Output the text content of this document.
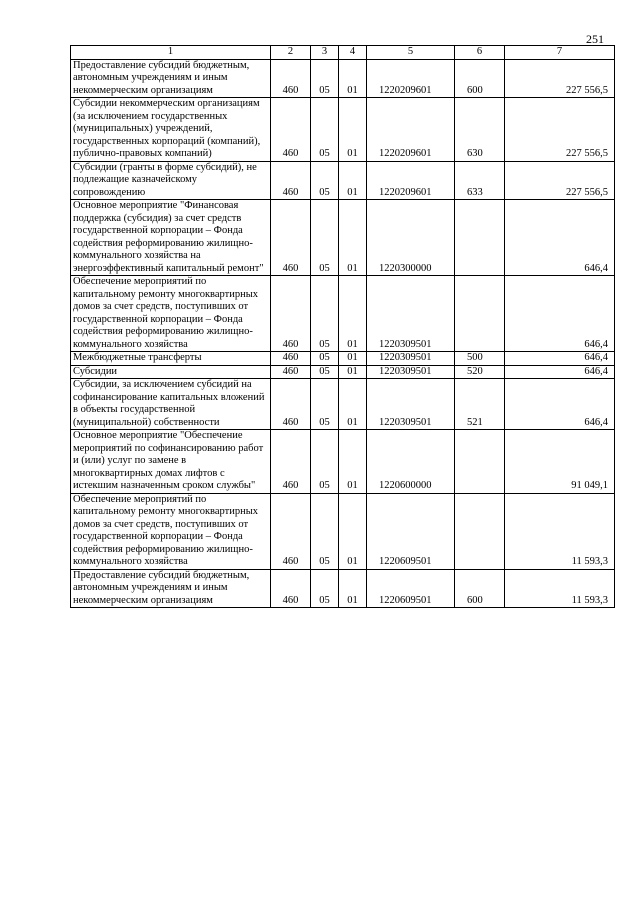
251
1	2	3	4	5	6	7
Предоставление субсидий бюджетным, автономным учреждениям и иным некоммерческим организациям	460	05	01	1220209601	600	227 556,5
Субсидии некоммерческим организациям (за исключением государственных (муниципальных) учреждений, государственных корпораций (компаний), публично-правовых компаний)	460	05	01	1220209601	630	227 556,5
Субсидии (гранты в форме субсидий), не подлежащие казначейскому сопровождению	460	05	01	1220209601	633	227 556,5
Основное мероприятие "Финансовая поддержка (субсидия) за счет средств государственной корпорации – Фонда содействия реформированию жилищно-коммунального хозяйства на энергоэффективный капитальный ремонт"	460	05	01	1220300000		646,4
Обеспечение мероприятий по капитальному ремонту многоквартирных домов за счет средств, поступивших от государственной корпорации – Фонда содействия реформированию жилищно-коммунального хозяйства	460	05	01	1220309501		646,4
Межбюджетные трансферты	460	05	01	1220309501	500	646,4
Субсидии	460	05	01	1220309501	520	646,4
Субсидии, за исключением субсидий на софинансирование капитальных вложений в объекты государственной (муниципальной) собственности	460	05	01	1220309501	521	646,4
Основное мероприятие "Обеспечение мероприятий по софинансированию работ и (или) услуг по замене в многоквартирных домах лифтов с истекшим назначенным сроком службы"	460	05	01	1220600000		91 049,1
Обеспечение мероприятий по капитальному ремонту многоквартирных домов за счет средств, поступивших от государственной корпорации – Фонда содействия реформированию жилищно-коммунального хозяйства	460	05	01	1220609501		11 593,3
Предоставление субсидий бюджетным, автономным учреждениям и иным некоммерческим организациям	460	05	01	1220609501	600	11 593,3
